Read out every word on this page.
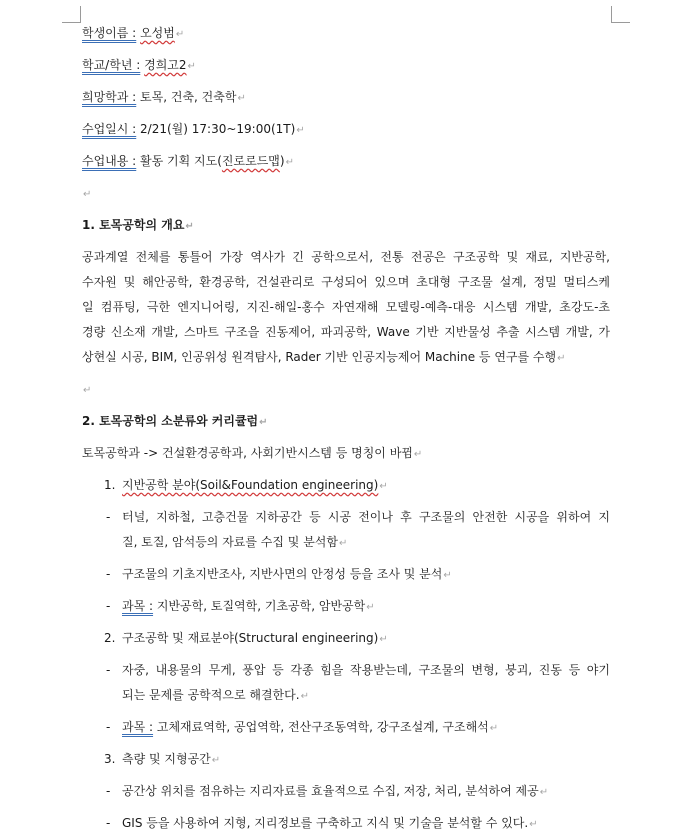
학생이름 : 오성범↵
학교/학년 : 경희고2↵
희망학과 : 토목, 건축, 건축학↵
수업일시 : 2/21(월) 17:30~19:00(1T)↵
수업내용 : 활동 기획 지도(진로로드맵)↵
↵
1. 토목공학의 개요↵
공과계열 전체를 통틀어 가장 역사가 긴 공학으로서, 전통 전공은 구조공학 및 재료, 지반공학,
수자원 및 해안공학, 환경공학, 건설관리로 구성되어 있으며 초대형 구조물 설계, 정밀 멀티스케
일 컴퓨팅, 극한 엔지니어링, 지진-해일-홍수 자연재해 모델링-예측-대응 시스템 개발, 초강도-초
경량 신소재 개발, 스마트 구조을 진동제어, 파괴공학, Wave 기반 지반물성 추출 시스템 개발, 가
상현실 시공, BIM, 인공위성 원격탐사, Rader 기반 인공지능제어 Machine 등 연구를 수행↵
↵
2. 토목공학의 소분류와 커리큘럼↵
토목공학과 -> 건설환경공학과, 사회기반시스템 등 명칭이 바뀜↵
1. 지반공학 분야(Soil&Foundation engineering)↵
- 터널, 지하철, 고층건물 지하공간 등 시공 전이나 후 구조물의 안전한 시공을 위하여 지
질, 토질, 암석등의 자료를 수집 및 분석함↵
- 구조물의 기초지반조사, 지반사면의 안정성 등을 조사 및 분석↵
- 과목 : 지반공학, 토질역학, 기초공학, 암반공학↵
2. 구조공학 및 재료분야(Structural engineering)↵
- 자중, 내용물의 무게, 풍압 등 각종 힘을 작용받는데, 구조물의 변형, 붕괴, 진동 등 야기
되는 문제를 공학적으로 해결한다.↵
- 과목 : 고체재료역학, 공업역학, 전산구조동역학, 강구조설계, 구조해석↵
3. 측량 및 지형공간↵
- 공간상 위치를 점유하는 지리자료를 효율적으로 수집, 저장, 처리, 분석하여 제공↵
- GIS 등을 사용하여 지형, 지리정보를 구축하고 지식 및 기술을 분석할 수 있다.↵
